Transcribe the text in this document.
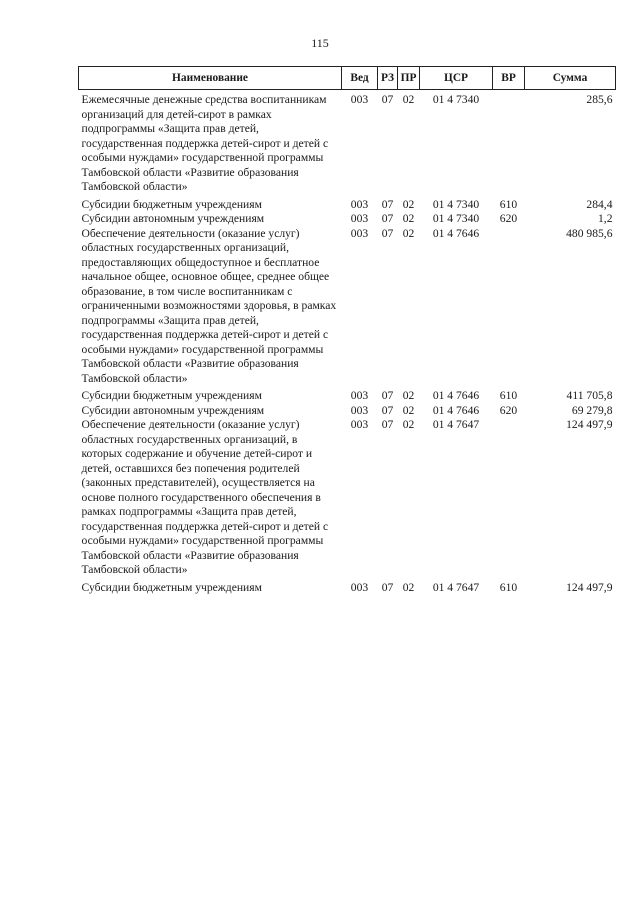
115
Наименование	Вед	РЗ	ПР	ЦСР	ВР	Сумма
Ежемесячные денежные средства воспитанникам организаций для детей-сирот в рамках подпрограммы «Защита прав детей, государственная поддержка детей-сирот и детей с особыми нуждами» государственной программы Тамбовской области «Развитие образования Тамбовской области»	003	07	02	01 4 7340		285,6
Субсидии бюджетным учреждениям	003	07	02	01 4 7340	610	284,4
Субсидии автономным учреждениям	003	07	02	01 4 7340	620	1,2
Обеспечение деятельности (оказание услуг) областных государственных организаций, предоставляющих общедоступное и бесплатное начальное общее, основное общее, среднее общее образование, в том числе воспитанникам с ограниченными возможностями здоровья, в рамках подпрограммы «Защита прав детей, государственная поддержка детей-сирот и детей с особыми нуждами» государственной программы Тамбовской области «Развитие образования Тамбовской области»	003	07	02	01 4 7646		480 985,6
Субсидии бюджетным учреждениям	003	07	02	01 4 7646	610	411 705,8
Субсидии автономным учреждениям	003	07	02	01 4 7646	620	69 279,8
Обеспечение деятельности (оказание услуг) областных государственных организаций, в которых содержание и обучение детей-сирот и детей, оставшихся без попечения родителей (законных представителей), осуществляется на основе полного государственного обеспечения в рамках подпрограммы «Защита прав детей, государственная поддержка детей-сирот и детей с особыми нуждами» государственной программы Тамбовской области «Развитие образования Тамбовской области»	003	07	02	01 4 7647		124 497,9
Субсидии бюджетным учреждениям	003	07	02	01 4 7647	610	124 497,9
